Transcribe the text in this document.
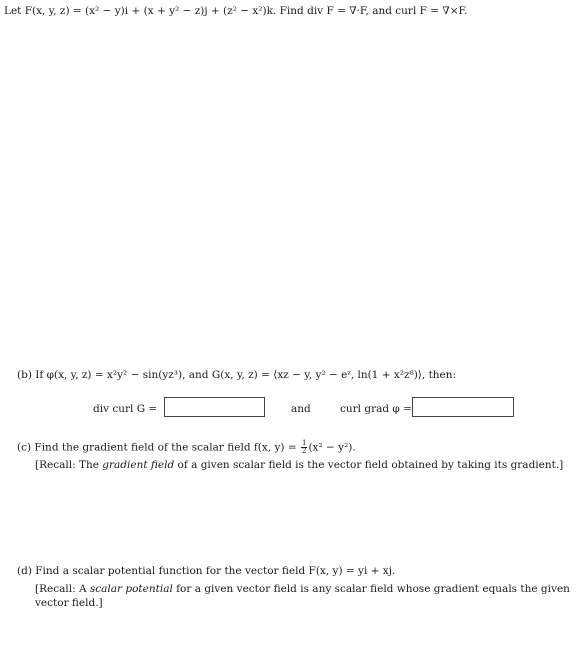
Let F(x, y, z) = (x² − y)i + (x + y² − z)j + (z² − x²)k. Find div F = ∇·F, and curl F = ∇×F.
(b) If φ(x, y, z) = x²y² − sin(yz³), and G(x, y, z) = ⟨xz − y, y² − eᶻ, ln(1 + x²z⁸)⟩, then:
div curl G =	and	curl grad φ =
(c) Find the gradient field of the scalar field f(x, $y) = \frac{1}{2} (x^2 - y^2)$.
[Recall: The gradient field of a given scalar field is the vector field obtained by taking its gradient.]
(d) Find a scalar potential function for the vector field F(x, y) = yi + xj.
[Recall: A scalar potential for a given vector field is any scalar field whose gradient equals the given vector field.]
